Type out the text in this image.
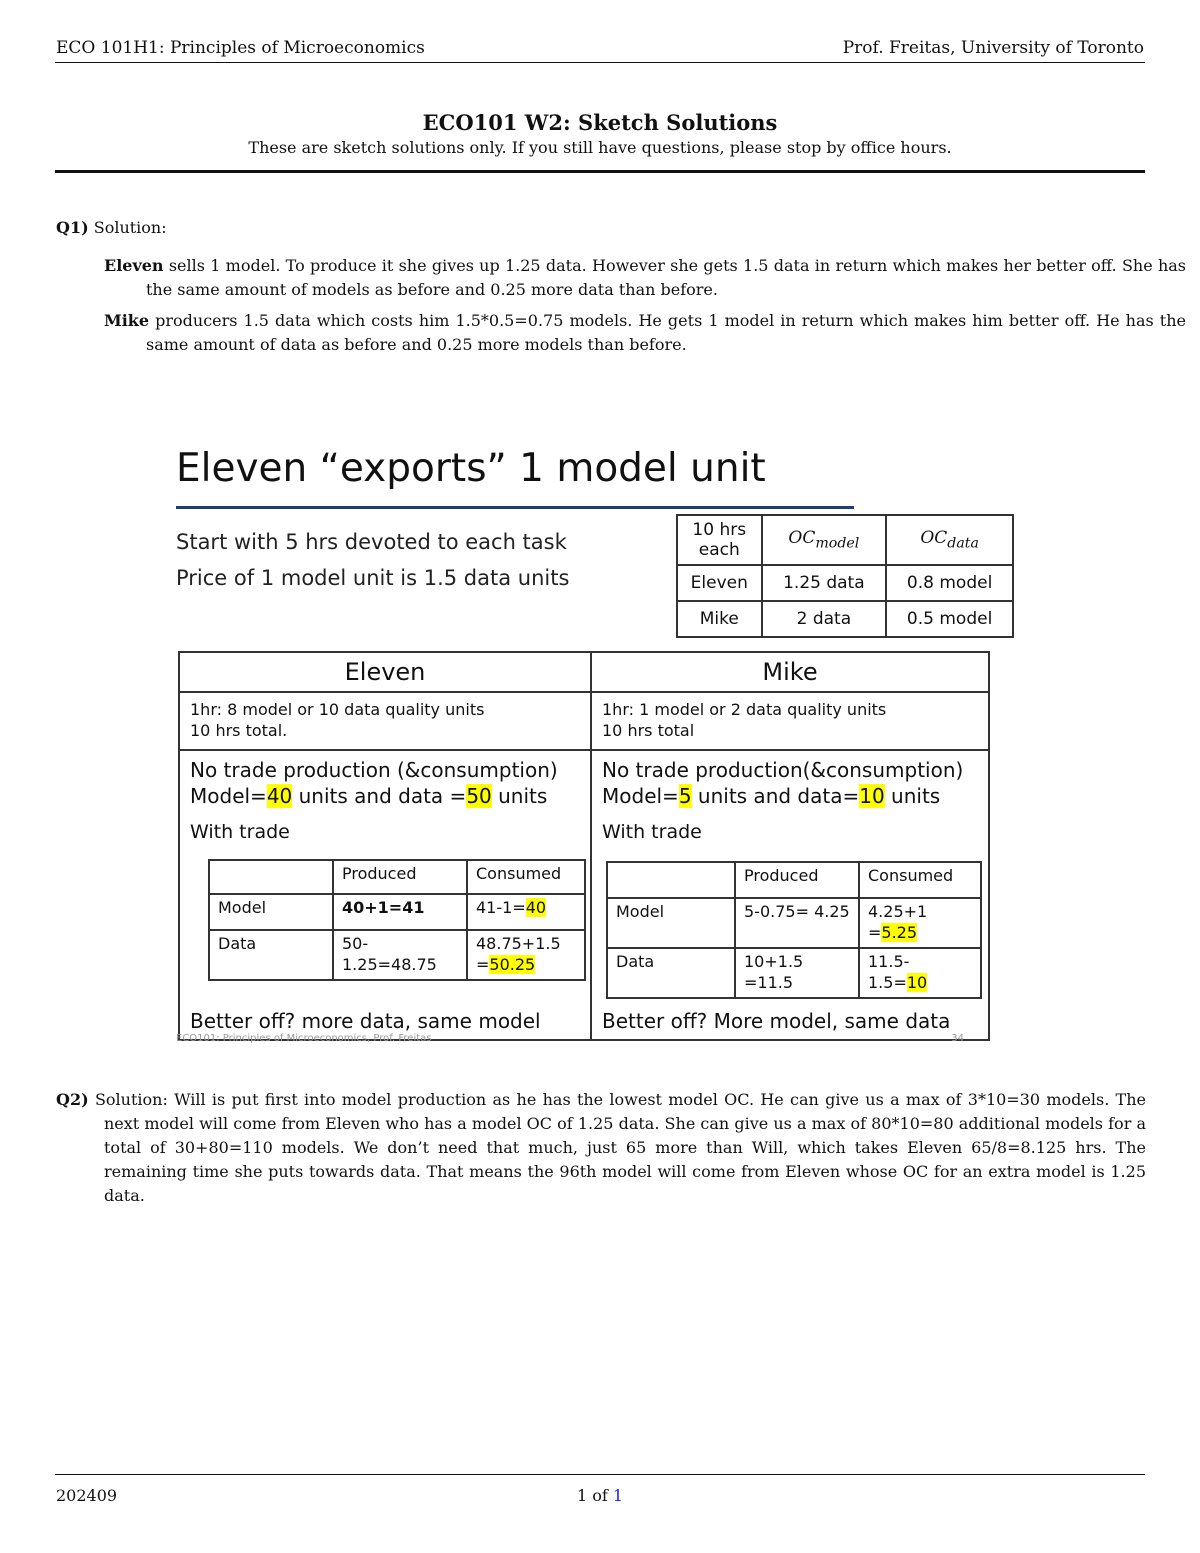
ECO 101H1: Principles of Microeconomics	Prof. Freitas, University of Toronto
ECO101 W2: Sketch Solutions
These are sketch solutions only. If you still have questions, please stop by office hours.
Q1) Solution:
Eleven sells 1 model. To produce it she gives up 1.25 data. However she gets 1.5 data in return which makes her better off. She has the same amount of models as before and 0.25 more data than before.
Mike producers 1.5 data which costs him 1.5*0.5=0.75 models. He gets 1 model in return which makes him better off. He has the same amount of data as before and 0.25 more models than before.
Eleven “exports” 1 model unit
Start with 5 hrs devoted to each task
Price of 1 model unit is 1.5 data units
10 hrs each	$OC_{model}$	$OC_{data}$
Eleven	1.25 data	0.8 model
Mike	2 data	0.5 model
Eleven
1hr: 8 model or 10 data quality units
10 hrs total.
No trade production (&consumption)
Model=40 units and data =50 units
With trade
	Produced	Consumed
Model	40+1=41	41-1=40
Data	50-1.25=48.75	48.75+1.5 =50.25
Better off? more data, same model
ECO101: Principles of Microeconomics, Prof. Freitas
Mike
1hr: 1 model or 2 data quality units
10 hrs total
No trade production(&consumption)
Model=5 units and data=10 units
With trade
	Produced	Consumed
Model	5-0.75= 4.25	4.25+1 =5.25
Data	10+1.5 =11.5	11.5- 1.5=10
Better off? More model, same data
34
Q2) Solution: Will is put first into model production as he has the lowest model OC. He can give us a max of 3*10=30 models. The next model will come from Eleven who has a model OC of 1.25 data. She can give us a max of 80*10=80 additional models for a total of 30+80=110 models. We don’t need that much, just 65 more than Will, which takes Eleven 65/8=8.125 hrs. The remaining time she puts towards data. That means the 96th model will come from Eleven whose OC for an extra model is 1.25 data.
202409	1 of 1
